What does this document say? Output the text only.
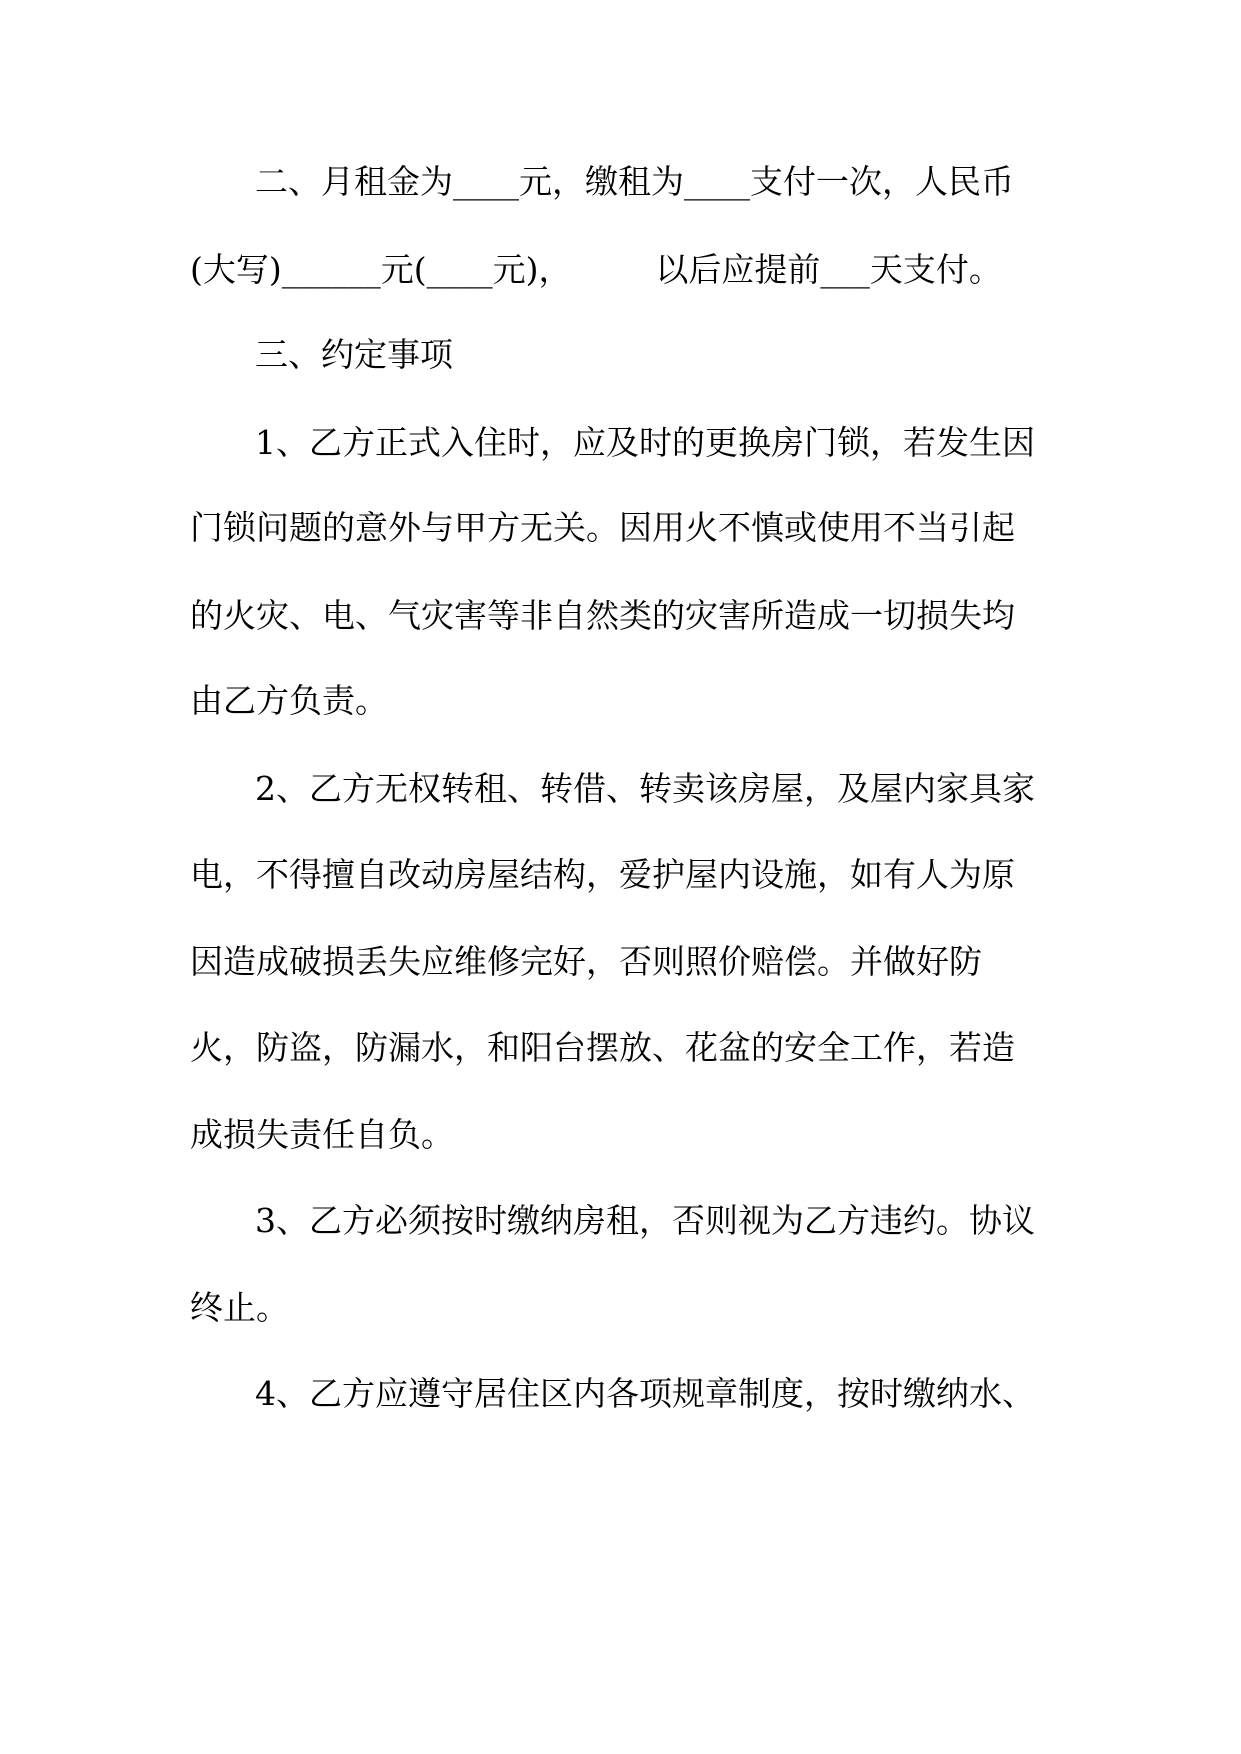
二、月租金为____元，缴租为____支付一次，人民币
(大写)______元(____元)，        以后应提前___天支付。
三、约定事项
1、乙方正式入住时，应及时的更换房门锁，若发生因
门锁问题的意外与甲方无关。因用火不慎或使用不当引起
的火灾、电、气灾害等非自然类的灾害所造成一切损失均
由乙方负责。
2、乙方无权转租、转借、转卖该房屋，及屋内家具家
电，不得擅自改动房屋结构，爱护屋内设施，如有人为原
因造成破损丢失应维修完好，否则照价赔偿。并做好防
火，防盗，防漏水，和阳台摆放、花盆的安全工作，若造
成损失责任自负。
3、乙方必须按时缴纳房租，否则视为乙方违约。协议
终止。
4、乙方应遵守居住区内各项规章制度，按时缴纳水、
